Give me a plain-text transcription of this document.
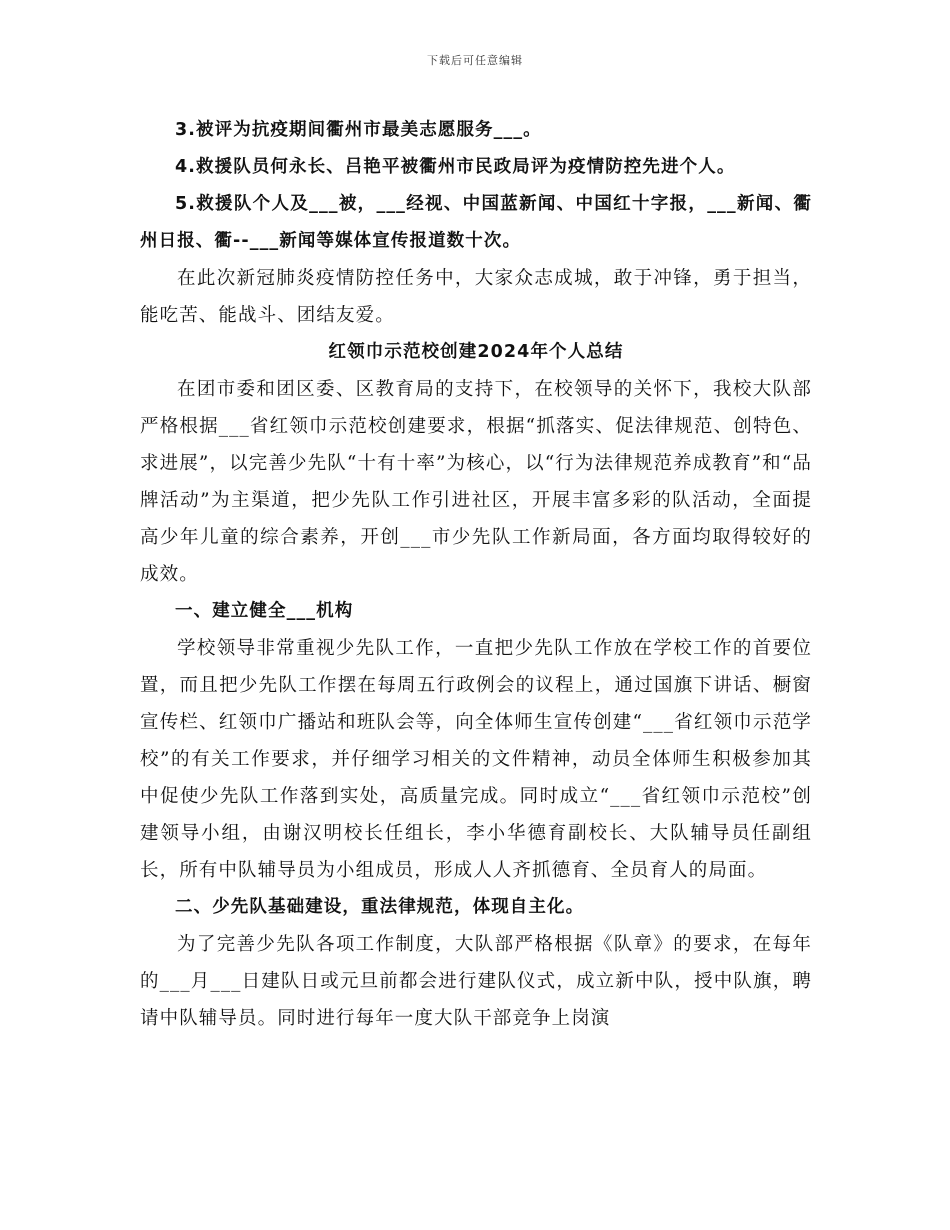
下载后可任意编辑

3.被评为抗疫期间衢州市最美志愿服务___。

4.救援队员何永长、吕艳平被衢州市民政局评为疫情防控先进个人。

5.救援队个人及___被，___经视、中国蓝新闻、中国红十字报，___新闻、衢州日报、衢--___新闻等媒体宣传报道数十次。

在此次新冠肺炎疫情防控任务中，大家众志成城，敢于冲锋，勇于担当，能吃苦、能战斗、团结友爱。

红领巾示范校创建2024年个人总结

在团市委和团区委、区教育局的支持下，在校领导的关怀下，我校大队部严格根据___省红领巾示范校创建要求，根据“抓落实、促法律规范、创特色、求进展”，以完善少先队“十有十率”为核心，以“行为法律规范养成教育”和“品牌活动”为主渠道，把少先队工作引进社区，开展丰富多彩的队活动，全面提高少年儿童的综合素养，开创___市少先队工作新局面，各方面均取得较好的成效。

一、建立健全___机构

学校领导非常重视少先队工作，一直把少先队工作放在学校工作的首要位置，而且把少先队工作摆在每周五行政例会的议程上，通过国旗下讲话、橱窗宣传栏、红领巾广播站和班队会等，向全体师生宣传创建“___省红领巾示范学校”的有关工作要求，并仔细学习相关的文件精神，动员全体师生积极参加其中促使少先队工作落到实处，高质量完成。同时成立“___省红领巾示范校”创建领导小组，由谢汉明校长任组长，李小华德育副校长、大队辅导员任副组长，所有中队辅导员为小组成员，形成人人齐抓德育、全员育人的局面。

二、少先队基础建设，重法律规范，体现自主化。

为了完善少先队各项工作制度，大队部严格根据《队章》的要求，在每年的___月___日建队日或元旦前都会进行建队仪式，成立新中队，授中队旗，聘请中队辅导员。同时进行每年一度大队干部竞争上岗演
